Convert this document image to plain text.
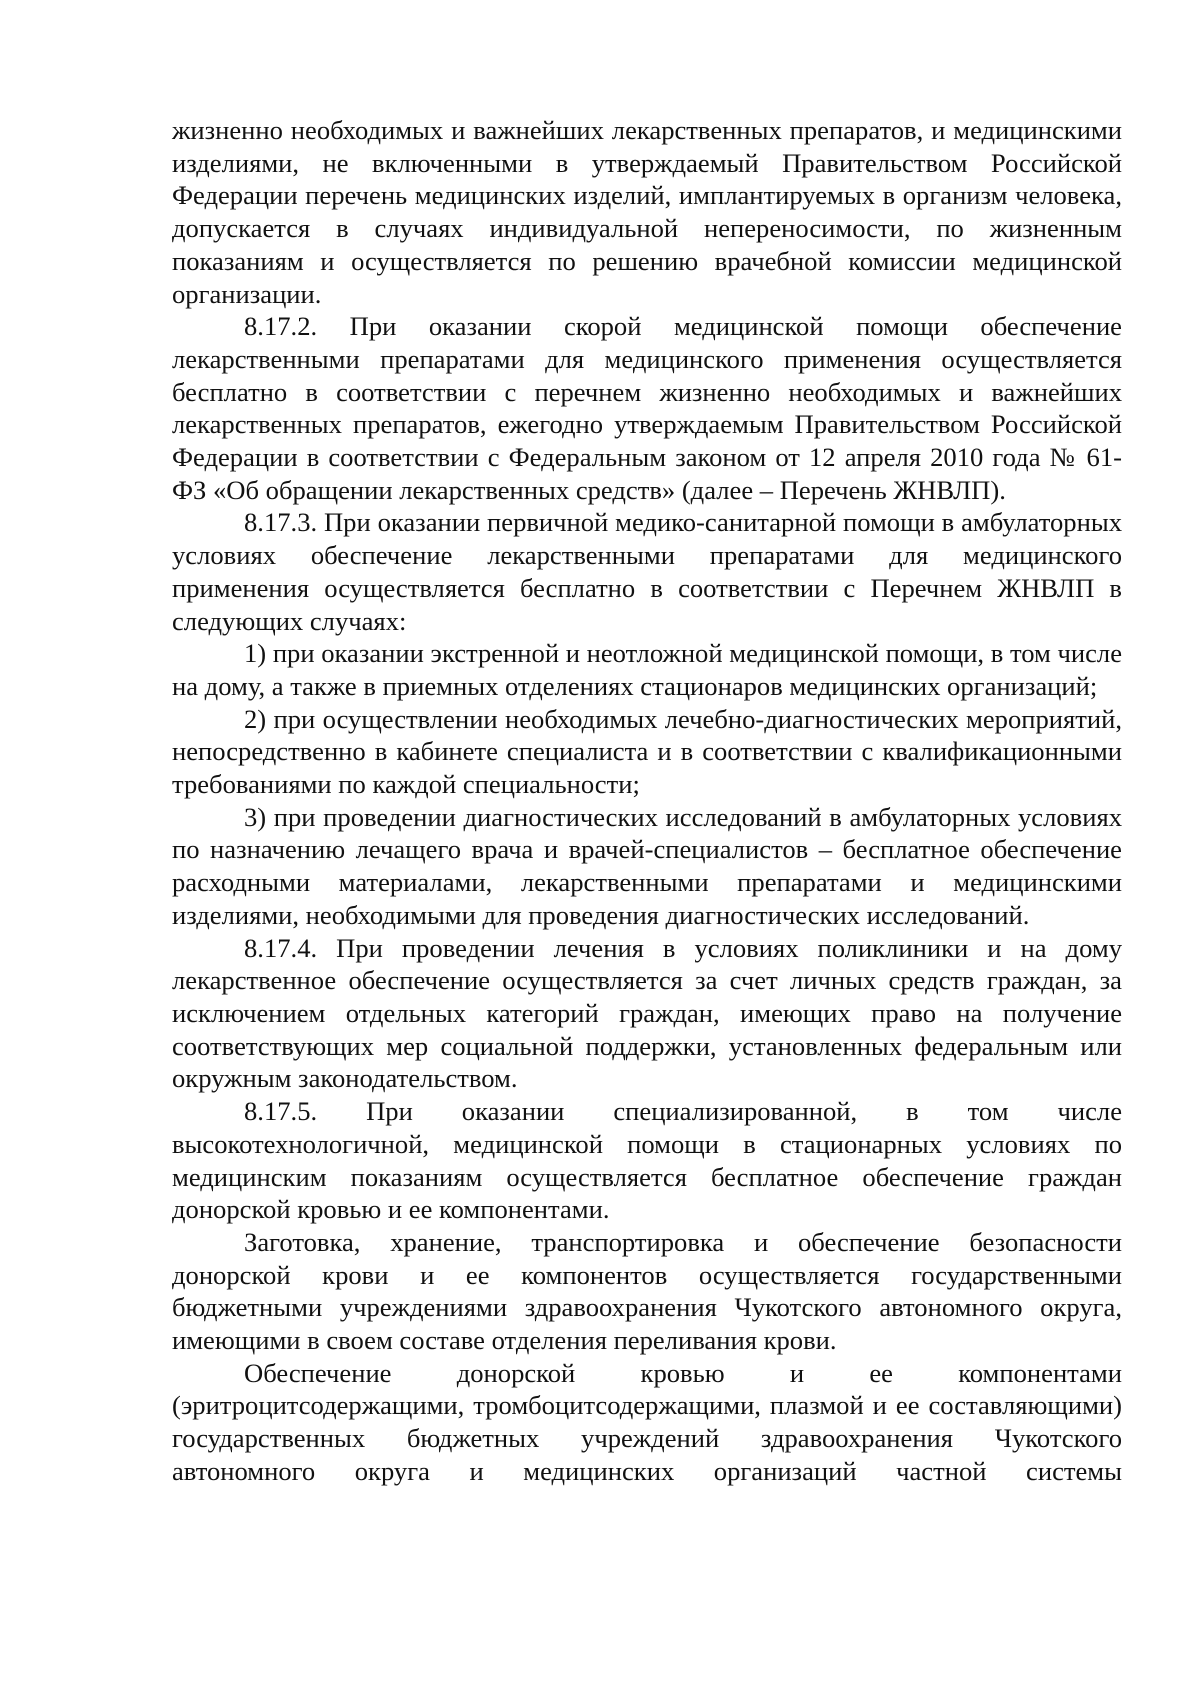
жизненно необходимых и важнейших лекарственных препаратов, и медицинскими изделиями, не включенными в утверждаемый Правительством Российской Федерации перечень медицинских изделий, имплантируемых в организм человека, допускается в случаях индивидуальной непереносимости, по жизненным показаниям и осуществляется по решению врачебной комиссии медицинской организации.

8.17.2. При оказании скорой медицинской помощи обеспечение лекарственными препаратами для медицинского применения осуществляется бесплатно в соответствии с перечнем жизненно необходимых и важнейших лекарственных препаратов, ежегодно утверждаемым Правительством Российской Федерации в соответствии с Федеральным законом от 12 апреля 2010 года № 61-ФЗ «Об обращении лекарственных средств» (далее – Перечень ЖНВЛП).

8.17.3. При оказании первичной медико-санитарной помощи в амбулаторных условиях обеспечение лекарственными препаратами для медицинского применения осуществляется бесплатно в соответствии с Перечнем ЖНВЛП в следующих случаях:

1) при оказании экстренной и неотложной медицинской помощи, в том числе на дому, а также в приемных отделениях стационаров медицинских организаций;

2) при осуществлении необходимых лечебно-диагностических мероприятий, непосредственно в кабинете специалиста и в соответствии с квалификационными требованиями по каждой специальности;

3) при проведении диагностических исследований в амбулаторных условиях по назначению лечащего врача и врачей-специалистов – бесплатное обеспечение расходными материалами, лекарственными препаратами и медицинскими изделиями, необходимыми для проведения диагностических исследований.

8.17.4. При проведении лечения в условиях поликлиники и на дому лекарственное обеспечение осуществляется за счет личных средств граждан, за исключением отдельных категорий граждан, имеющих право на получение соответствующих мер социальной поддержки, установленных федеральным или окружным законодательством.

8.17.5. При оказании специализированной, в том числе высокотехнологичной, медицинской помощи в стационарных условиях по медицинским показаниям осуществляется бесплатное обеспечение граждан донорской кровью и ее компонентами.

Заготовка, хранение, транспортировка и обеспечение безопасности донорской крови и ее компонентов осуществляется государственными бюджетными учреждениями здравоохранения Чукотского автономного округа, имеющими в своем составе отделения переливания крови.

Обеспечение донорской кровью и ее компонентами (эритроцитсодержащими, тромбоцитсодержащими, плазмой и ее составляющими) государственных бюджетных учреждений здравоохранения Чукотского автономного округа и медицинских организаций частной системы
